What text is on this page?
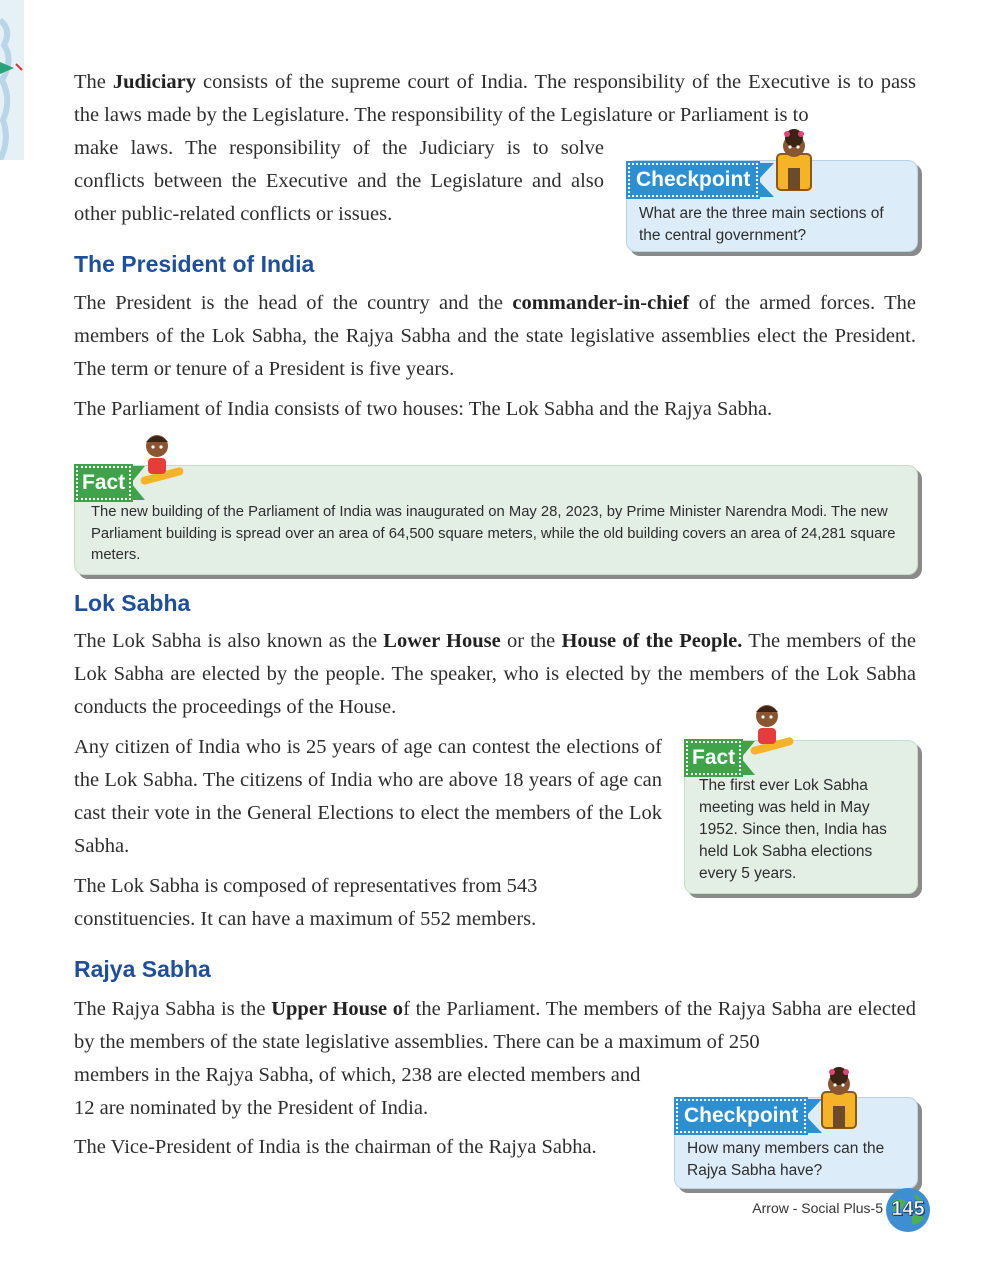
The Judiciary consists of the supreme court of India. The responsibility of the Executive is to pass the laws made by the Legislature. The responsibility of the Legislature or Parliament is to

make laws. The responsibility of the Judiciary is to solve conflicts between the Executive and the Legislature and also other public-related conflicts or issues.	What are the three main sections of the central government?
Checkpoint
The President of India

The President is the head of the country and the commander-in-chief of the armed forces. The members of the Lok Sabha, the Rajya Sabha and the state legislative assemblies elect the President. The term or tenure of a President is five years.

The Parliament of India consists of two houses: The Lok Sabha and the Rajya Sabha.

The new building of the Parliament of India was inaugurated on May 28, 2023, by Prime Minister Narendra Modi. The new Parliament building is spread over an area of 64,500 square meters, while the old building covers an area of 24,281 square meters.
Fact
Lok Sabha

The Lok Sabha is also known as the Lower House or the House of the People. The members of the Lok Sabha are elected by the people. The speaker, who is elected by the members of the Lok Sabha conducts the proceedings of the House.

Any citizen of India who is 25 years of age can contest the elections of the Lok Sabha. The citizens of India who are above 18 years of age can cast their vote in the General Elections to elect the members of the Lok Sabha.

The Lok Sabha is composed of representatives from 543 constituencies. It can have a maximum of 552 members.

The first ever Lok Sabha meeting was held in May 1952. Since then, India has held Lok Sabha elections every 5 years.
Fact
Rajya Sabha

The Rajya Sabha is the Upper House of the Parliament. The members of the Rajya Sabha are elected by the members of the state legislative assemblies. There can be a maximum of 250

members in the Rajya Sabha, of which, 238 are elected members and 12 are nominated by the President of India.

The Vice-President of India is the chairman of the Rajya Sabha.	How many members can the Rajya Sabha have?
Checkpoint
Arrow - Social Plus-5 145
